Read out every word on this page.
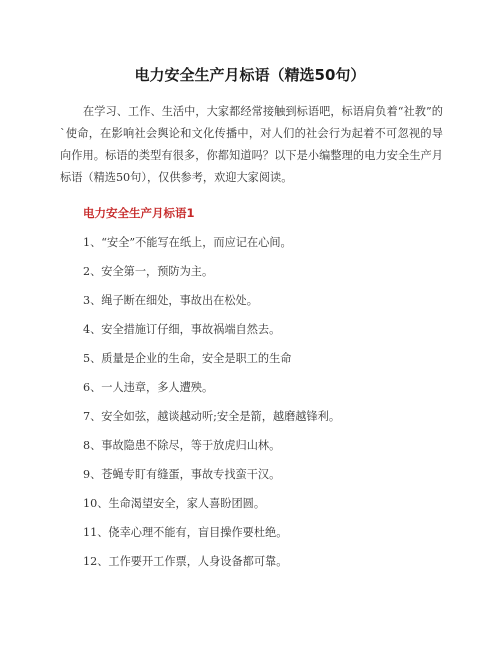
电力安全生产月标语（精选50句）
在学习、工作、生活中，大家都经常接触到标语吧，标语肩负着“社教”的`使命，在影响社会舆论和文化传播中，对人们的社会行为起着不可忽视的导向作用。标语的类型有很多，你都知道吗？以下是小编整理的电力安全生产月标语（精选50句），仅供参考，欢迎大家阅读。
电力安全生产月标语1
1、“安全”不能写在纸上，而应记在心间。
2、安全第一，预防为主。
3、绳子断在细处，事故出在松处。
4、安全措施订仔细，事故祸端自然去。
5、质量是企业的生命，安全是职工的生命
6、一人违章，多人遭殃。
7、安全如弦，越谈越动听;安全是箭，越磨越锋利。
8、事故隐患不除尽，等于放虎归山林。
9、苍蝇专盯有缝蛋，事故专找蛮干汉。
10、生命渴望安全，家人喜盼团圆。
11、侥幸心理不能有，盲目操作要杜绝。
12、工作要开工作票，人身设备都可靠。
